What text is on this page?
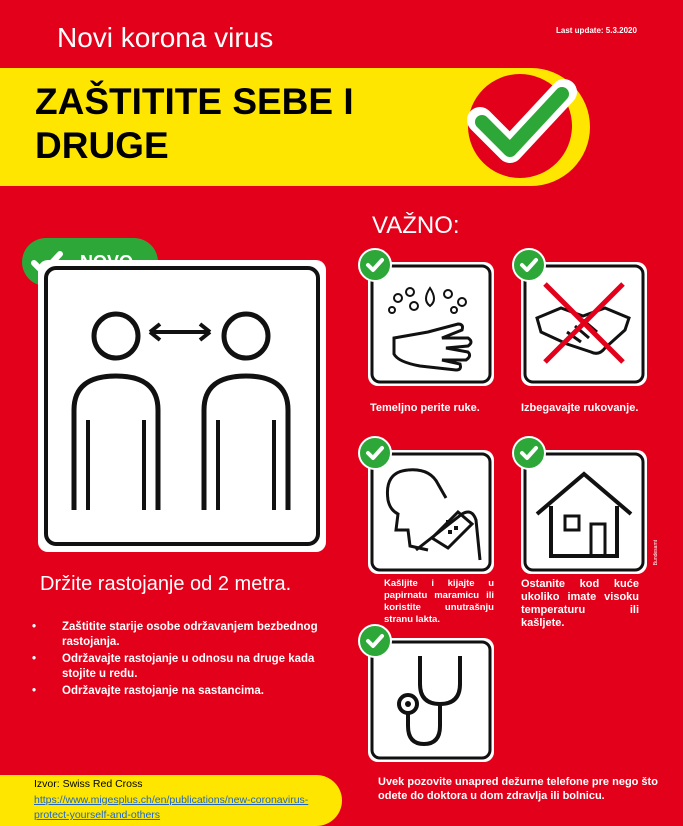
Novi korona virus	Last update: 5.3.2020
ZAŠTITITE SEBE I
DRUGE
VAŽNO:
Držite rastojanje od 2 metra.
• Zaštitite starije osobe održavanjem bezbednog rastojanja.
• Održavajte rastojanje u odnosu na druge kada stojite u redu.
• Održavajte rastojanje na sastancima.
Temeljno perite ruke.	Izbegavajte rukovanje.
Kašljite i kijajte u papirnatu maramicu ili koristite unutrašnju stranu lakta.
Ostanite kod kuće ukoliko imate visoku temperaturu ili kašljete.
Uvek pozovite unapred dežurne telefone pre nego što odete do doktora u dom zdravlja ili bolnicu.
Izvor: Swiss Red Cross
https://www.migesplus.ch/en/publications/new-coronavirus-protect-yourself-and-others
Bundesamt
